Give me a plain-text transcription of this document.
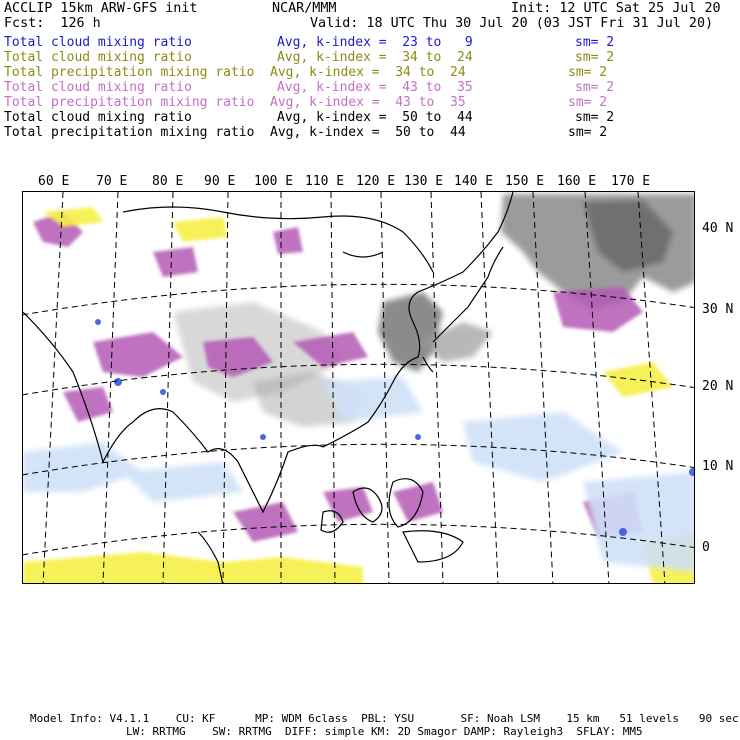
ACCLIP 15km ARW-GFS init	NCAR/MMM	Init: 12 UTC Sat 25 Jul 20
Fcst:  126 h	Valid: 18 UTC Thu 30 Jul 20 (03 JST Fri 31 Jul 20)
Total cloud mixing ratio	Avg, k-index =  23 to   9	sm= 2
Total cloud mixing ratio	Avg, k-index =  34 to  24	sm= 2
Total precipitation mixing ratio Avg, k-index =  34 to  24	sm= 2
Total cloud mixing ratio	Avg, k-index =  43 to  35	sm= 2
Total precipitation mixing ratio Avg, k-index =  43 to  35	sm= 2
Total cloud mixing ratio	Avg, k-index =  50 to  44	sm= 2
Total precipitation mixing ratio Avg, k-index =  50 to  44	sm= 2
60 E 70 E 80 E 90 E 100 E 110 E 120 E 130 E 140 E 150 E 160 E 170 E
40 N
30 N
20 N
10 N
0
Model Info: V4.1.1    CU: KF      MP: WDM 6class  PBL: YSU       SF: Noah LSM    15 km   51 levels   90 sec
LW: RRTMG    SW: RRTMG  DIFF: simple KM: 2D Smagor DAMP: Rayleigh3  SFLAY: MM5
